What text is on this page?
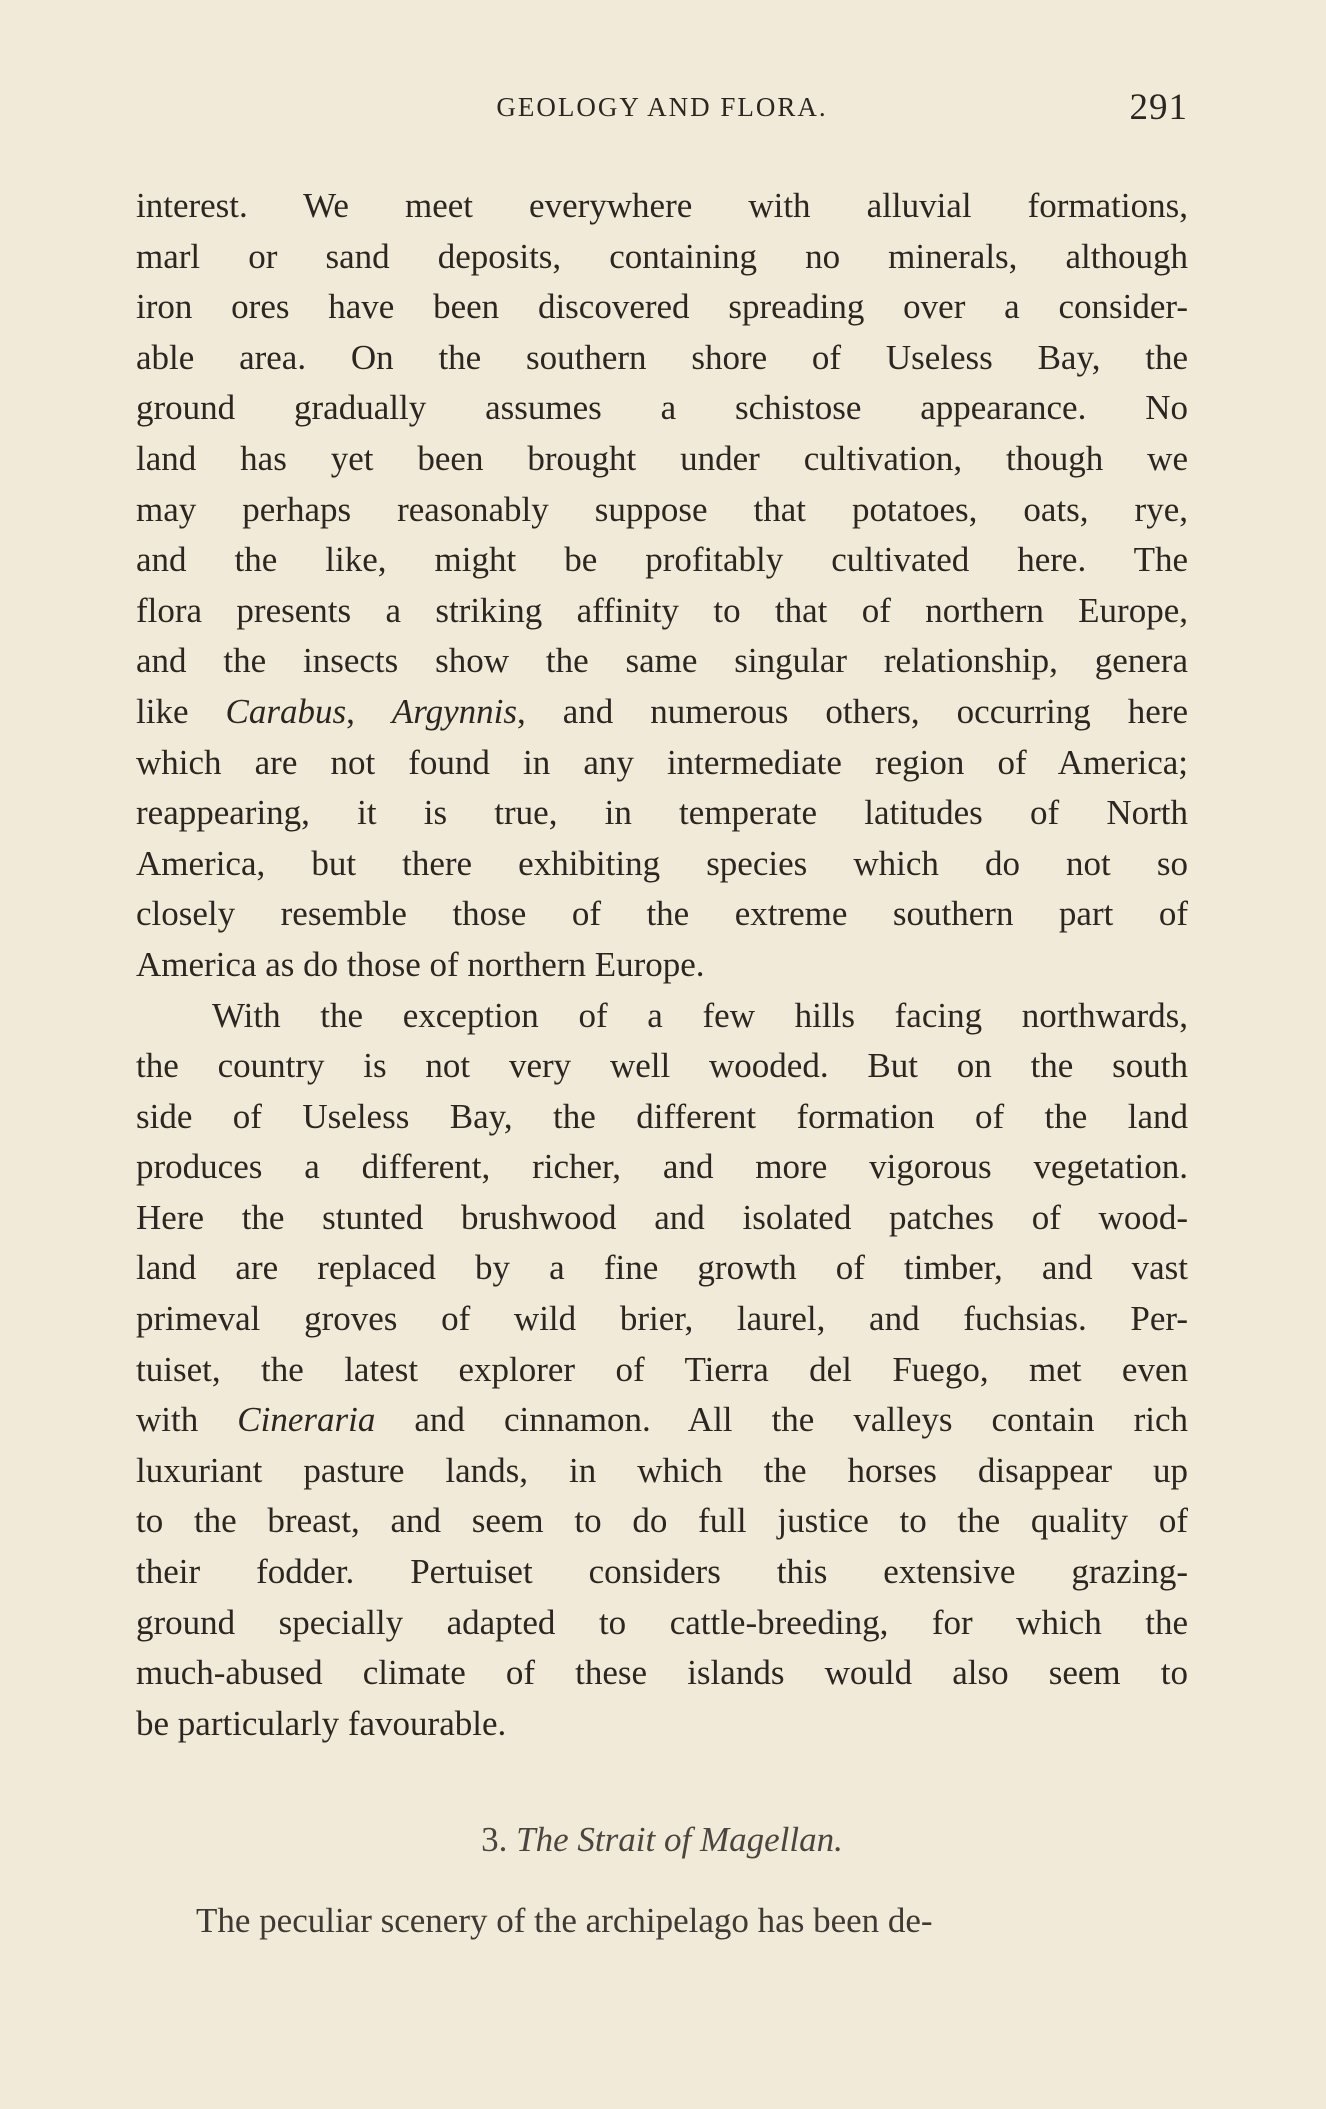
GEOLOGY AND FLORA.	291
interest. We meet everywhere with alluvial formations,
marl or sand deposits, containing no minerals, although
iron ores have been discovered spreading over a consider-
able area. On the southern shore of Useless Bay, the
ground gradually assumes a schistose appearance. No
land has yet been brought under cultivation, though we
may perhaps reasonably suppose that potatoes, oats, rye,
and the like, might be profitably cultivated here. The
flora presents a striking affinity to that of northern Europe,
and the insects show the same singular relationship, genera
like Carabus, Argynnis, and numerous others, occurring here
which are not found in any intermediate region of America;
reappearing, it is true, in temperate latitudes of North
America, but there exhibiting species which do not so
closely resemble those of the extreme southern part of
America as do those of northern Europe.
With the exception of a few hills facing northwards,
the country is not very well wooded. But on the south
side of Useless Bay, the different formation of the land
produces a different, richer, and more vigorous vegetation.
Here the stunted brushwood and isolated patches of wood-
land are replaced by a fine growth of timber, and vast
primeval groves of wild brier, laurel, and fuchsias. Per-
tuiset, the latest explorer of Tierra del Fuego, met even
with Cineraria and cinnamon. All the valleys contain rich
luxuriant pasture lands, in which the horses disappear up
to the breast, and seem to do full justice to the quality of
their fodder. Pertuiset considers this extensive grazing-
ground specially adapted to cattle-breeding, for which the
much-abused climate of these islands would also seem to
be particularly favourable.
3. The Strait of Magellan.
The peculiar scenery of the archipelago has been de-
